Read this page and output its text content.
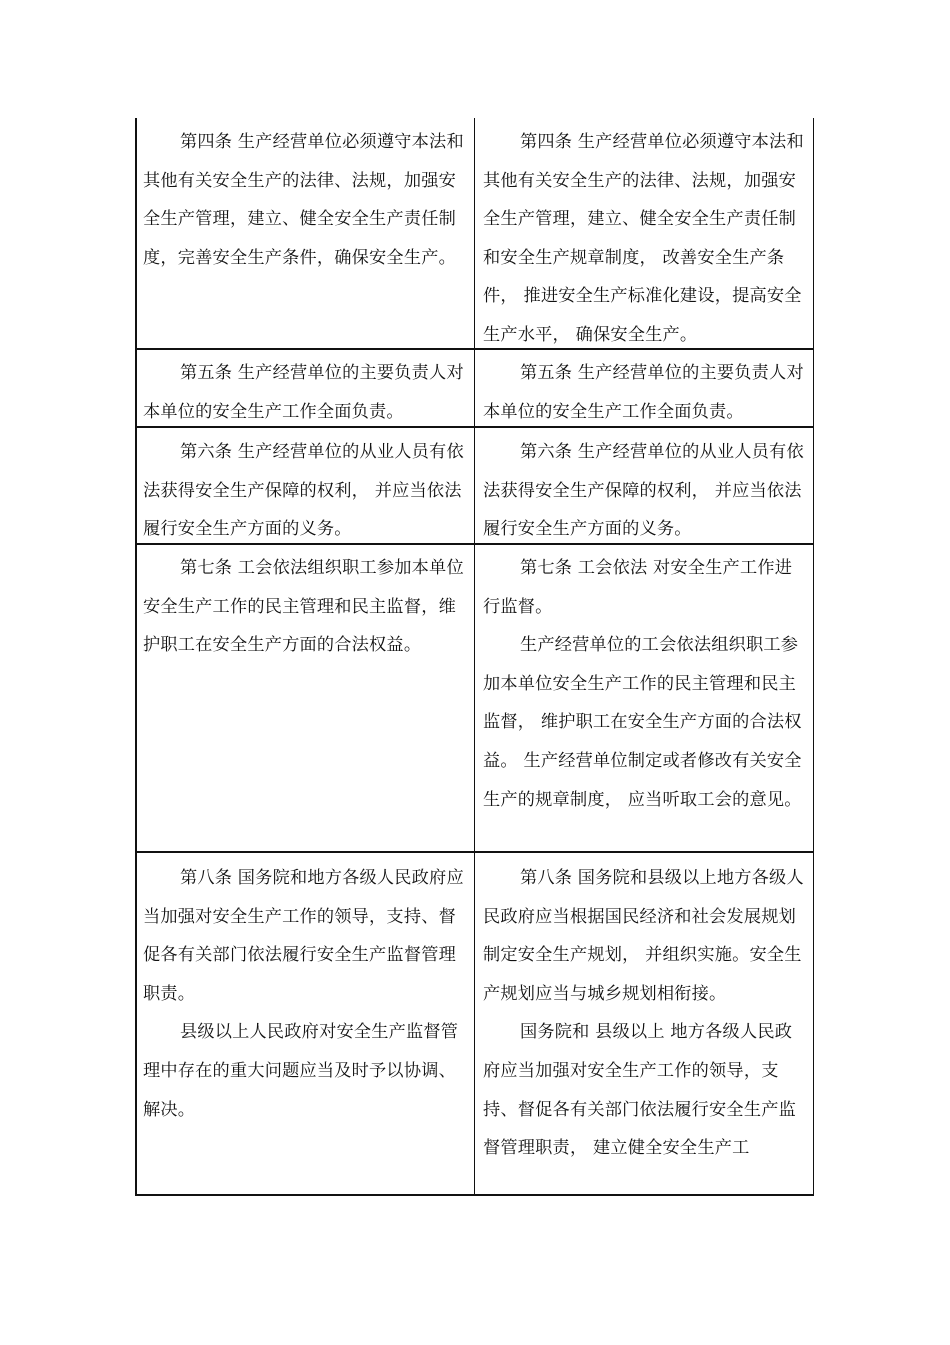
第四条 生产经营单位必须遵守本法和其他有关安全生产的法律、法规，加强安全生产管理，建立、健全安全生产责任制度，完善安全生产条件，确保安全生产。

第四条 生产经营单位必须遵守本法和其他有关安全生产的法律、法规，加强安全生产管理，建立、健全安全生产责任制 和安全生产规章制度， 改善安全生产条件， 推进安全生产标准化建设，提高安全生产水平， 确保安全生产。

第五条 生产经营单位的主要负责人对本单位的安全生产工作全面负责。

第五条 生产经营单位的主要负责人对本单位的安全生产工作全面负责。

第六条 生产经营单位的从业人员有依法获得安全生产保障的权利， 并应当依法履行安全生产方面的义务。

第六条 生产经营单位的从业人员有依法获得安全生产保障的权利， 并应当依法履行安全生产方面的义务。

第七条 工会依法组织职工参加本单位安全生产工作的民主管理和民主监督，维护职工在安全生产方面的合法权益。

第七条 工会依法 对安全生产工作进行监督。

生产经营单位的工会依法组织职工参加本单位安全生产工作的民主管理和民主监督， 维护职工在安全生产方面的合法权益。 生产经营单位制定或者修改有关安全生产的规章制度， 应当听取工会的意见。

第八条 国务院和地方各级人民政府应当加强对安全生产工作的领导，支持、督促各有关部门依法履行安全生产监督管理职责。

县级以上人民政府对安全生产监督管理中存在的重大问题应当及时予以协调、解决。

第八条 国务院和县级以上地方各级人民政府应当根据国民经济和社会发展规划制定安全生产规划， 并组织实施。安全生产规划应当与城乡规划相衔接。

国务院和 县级以上 地方各级人民政府应当加强对安全生产工作的领导，支持、督促各有关部门依法履行安全生产监督管理职责， 建立健全安全生产工
